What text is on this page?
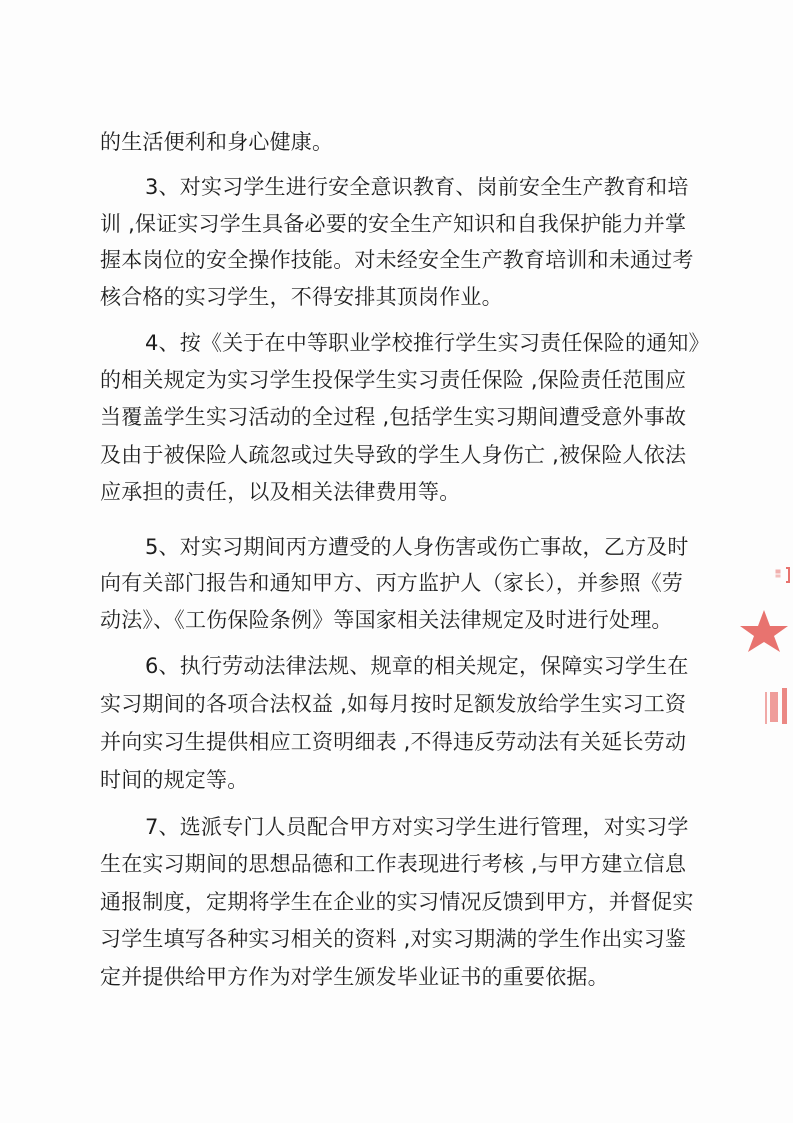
的生活便利和身心健康。
3、对实习学生进行安全意识教育、岗前安全生产教育和培
训 ,保证实习学生具备必要的安全生产知识和自我保护能力并掌
握本岗位的安全操作技能。对未经安全生产教育培训和未通过考
核合格的实习学生，不得安排其顶岗作业。
4、按《关于在中等职业学校推行学生实习责任保险的通知》
的相关规定为实习学生投保学生实习责任保险 ,保险责任范围应
当覆盖学生实习活动的全过程 ,包括学生实习期间遭受意外事故
及由于被保险人疏忽或过失导致的学生人身伤亡 ,被保险人依法
应承担的责任，以及相关法律费用等。
5、对实习期间丙方遭受的人身伤害或伤亡事故，乙方及时
向有关部门报告和通知甲方、丙方监护人（家长），并参照《劳
动法》、《工伤保险条例》等国家相关法律规定及时进行处理。
6、执行劳动法律法规、规章的相关规定，保障实习学生在
实习期间的各项合法权益 ,如每月按时足额发放给学生实习工资
并向实习生提供相应工资明细表 ,不得违反劳动法有关延长劳动
时间的规定等。
7、选派专门人员配合甲方对实习学生进行管理，对实习学
生在实习期间的思想品德和工作表现进行考核 ,与甲方建立信息
通报制度，定期将学生在企业的实习情况反馈到甲方，并督促实
习学生填写各种实习相关的资料 ,对实习期满的学生作出实习鉴
定并提供给甲方作为对学生颁发毕业证书的重要依据。
